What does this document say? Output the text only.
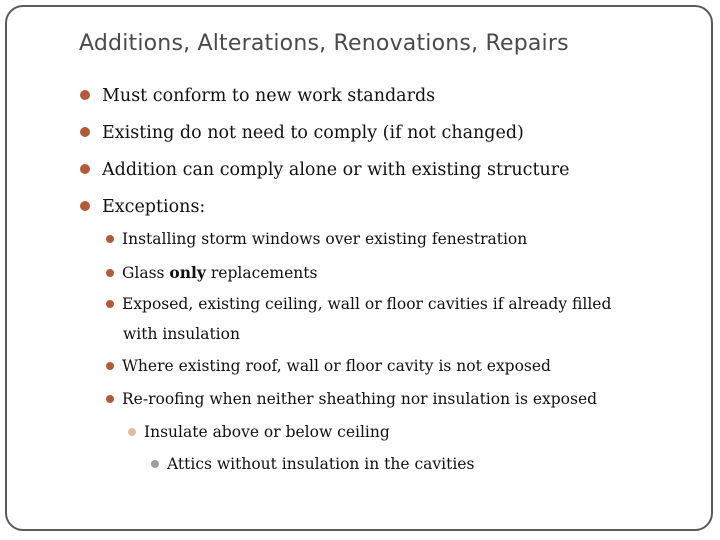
Additions, Alterations, Renovations, Repairs
Must conform to new work standards
Existing do not need to comply (if not changed)
Addition can comply alone or with existing structure
Exceptions:
Installing storm windows over existing fenestration
Glass only replacements
Exposed, existing ceiling, wall or floor cavities if already filled
with insulation
Where existing roof, wall or floor cavity is not exposed
Re-roofing when neither sheathing nor insulation is exposed
Insulate above or below ceiling
Attics without insulation in the cavities
